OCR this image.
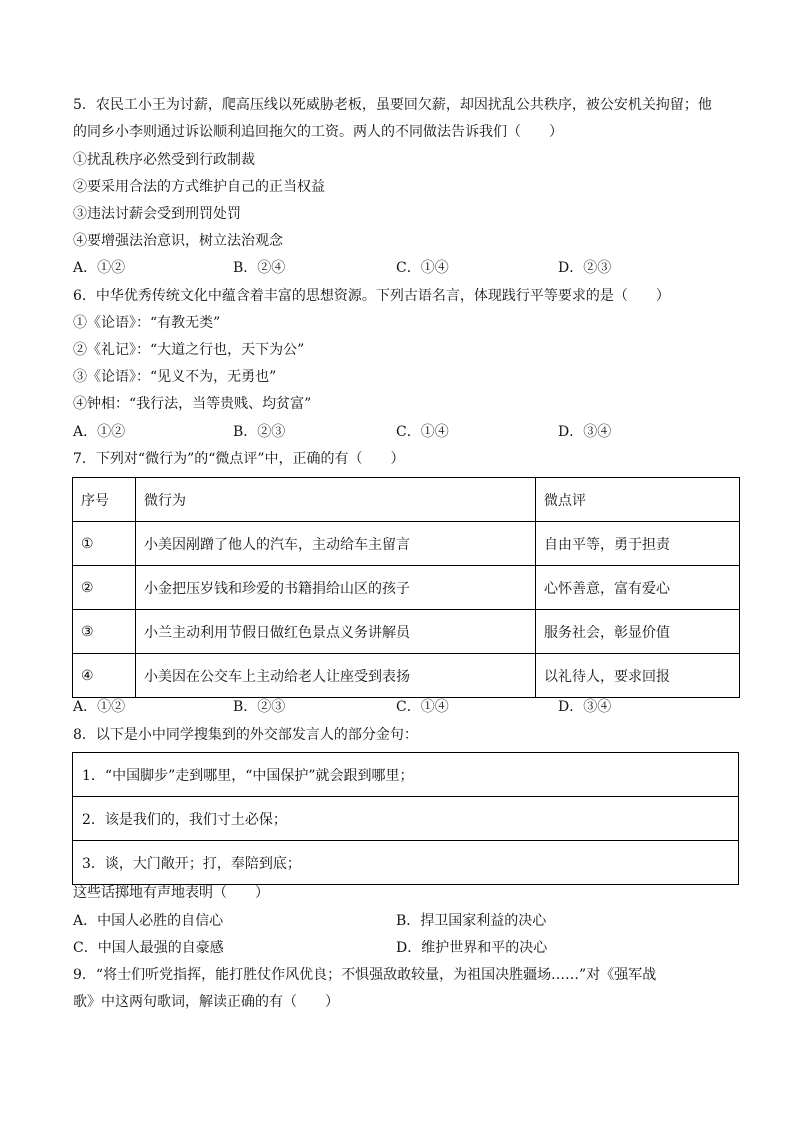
5．农民工小王为讨薪，爬高压线以死威胁老板，虽要回欠薪，却因扰乱公共秩序，被公安机关拘留；他
的同乡小李则通过诉讼顺利追回拖欠的工资。两人的不同做法告诉我们（　　）
①扰乱秩序必然受到行政制裁
②要采用合法的方式维护自己的正当权益
③违法讨薪会受到刑罚处罚
④要增强法治意识，树立法治观念
A．①②	B．②④	C．①④	D．②③
6．中华优秀传统文化中蕴含着丰富的思想资源。下列古语名言，体现践行平等要求的是（　　）
①《论语》：“有教无类”
②《礼记》：“大道之行也，天下为公”
③《论语》：“见义不为，无勇也”
④钟相：“我行法，当等贵贱、均贫富”
A．①②	B．②③	C．①④	D．③④
7．下列对“微行为”的“微点评”中，正确的有（　　）
序号	微行为	微点评
①	小美因剐蹭了他人的汽车，主动给车主留言	自由平等，勇于担责
②	小金把压岁钱和珍爱的书籍捐给山区的孩子	心怀善意，富有爱心
③	小兰主动利用节假日做红色景点义务讲解员	服务社会，彰显价值
④	小美因在公交车上主动给老人让座受到表扬	以礼待人，要求回报
A．①②	B．②③	C．①④	D．③④
8．以下是小中同学搜集到的外交部发言人的部分金句：
1．“中国脚步”走到哪里，“中国保护”就会跟到哪里；
2．该是我们的，我们寸土必保；
3．谈，大门敞开；打，奉陪到底；
这些话掷地有声地表明（　　）
A．中国人必胜的自信心	B．捍卫国家利益的决心
C．中国人最强的自豪感	D．维护世界和平的决心
9．“将士们听党指挥，能打胜仗作风优良；不惧强敌敢较量，为祖国决胜疆场……”对《强军战
歌》中这两句歌词，解读正确的有（　　）
